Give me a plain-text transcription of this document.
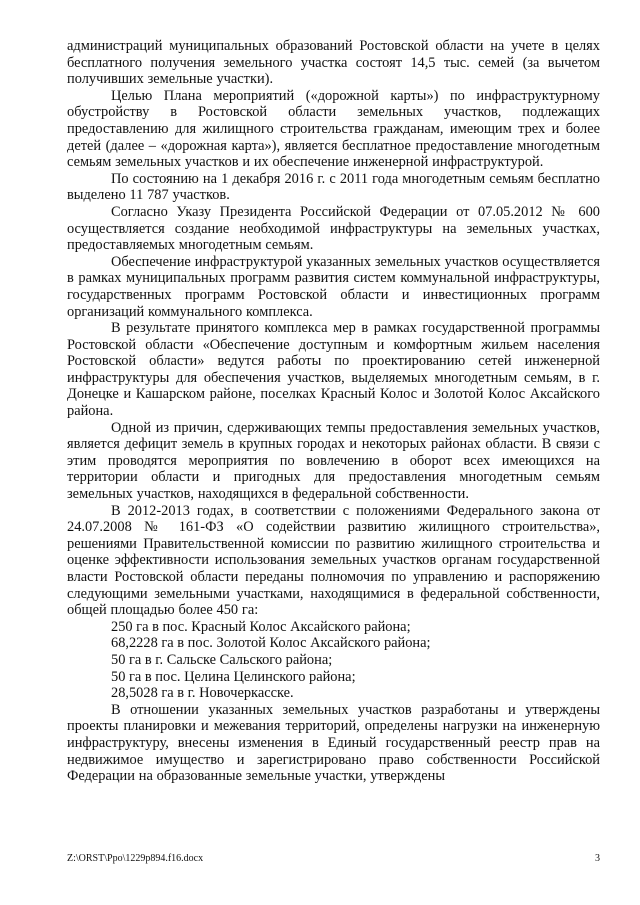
администраций муниципальных образований Ростовской области на учете в целях бесплатного получения земельного участка состоят 14,5 тыс. семей (за вычетом получивших земельные участки).

Целью Плана мероприятий («дорожной карты») по инфраструктурному обустройству в Ростовской области земельных участков, подлежащих предоставлению для жилищного строительства гражданам, имеющим трех и более детей (далее – «дорожная карта»), является бесплатное предоставление многодетным семьям земельных участков и их обеспечение инженерной инфраструктурой.

По состоянию на 1 декабря 2016 г. с 2011 года многодетным семьям бесплатно выделено 11 787 участков.

Согласно Указу Президента Российской Федерации от 07.05.2012 № 600 осуществляется создание необходимой инфраструктуры на земельных участках, предоставляемых многодетным семьям.

Обеспечение инфраструктурой указанных земельных участков осуществляется в рамках муниципальных программ развития систем коммунальной инфраструктуры, государственных программ Ростовской области и инвестиционных программ организаций коммунального комплекса.

В результате принятого комплекса мер в рамках государственной программы Ростовской области «Обеспечение доступным и комфортным жильем населения Ростовской области» ведутся работы по проектированию сетей инженерной инфраструктуры для обеспечения участков, выделяемых многодетным семьям, в г. Донецке и Кашарском районе, поселках Красный Колос и Золотой Колос Аксайского района.

Одной из причин, сдерживающих темпы предоставления земельных участков, является дефицит земель в крупных городах и некоторых районах области. В связи с этим проводятся мероприятия по вовлечению в оборот всех имеющихся на территории области и пригодных для предоставления многодетным семьям земельных участков, находящихся в федеральной собственности.

В 2012-2013 годах, в соответствии с положениями Федерального закона от 24.07.2008 № 161-ФЗ «О содействии развитию жилищного строительства», решениями Правительственной комиссии по развитию жилищного строительства и оценке эффективности использования земельных участков органам государственной власти Ростовской области переданы полномочия по управлению и распоряжению следующими земельными участками, находящимися в федеральной собственности, общей площадью более 450 га:

250 га в пос. Красный Колос Аксайского района;
68,2228 га в пос. Золотой Колос Аксайского района;
50 га в г. Сальске Сальского района;
50 га в пос. Целина Целинского района;
28,5028 га в г. Новочеркасске.

В отношении указанных земельных участков разработаны и утверждены проекты планировки и межевания территорий, определены нагрузки на инженерную инфраструктуру, внесены изменения в Единый государственный реестр прав на недвижимое имущество и зарегистрировано право собственности Российской Федерации на образованные земельные участки, утверждены

Z:\ORST\Ppo\1229p894.f16.docx	3
